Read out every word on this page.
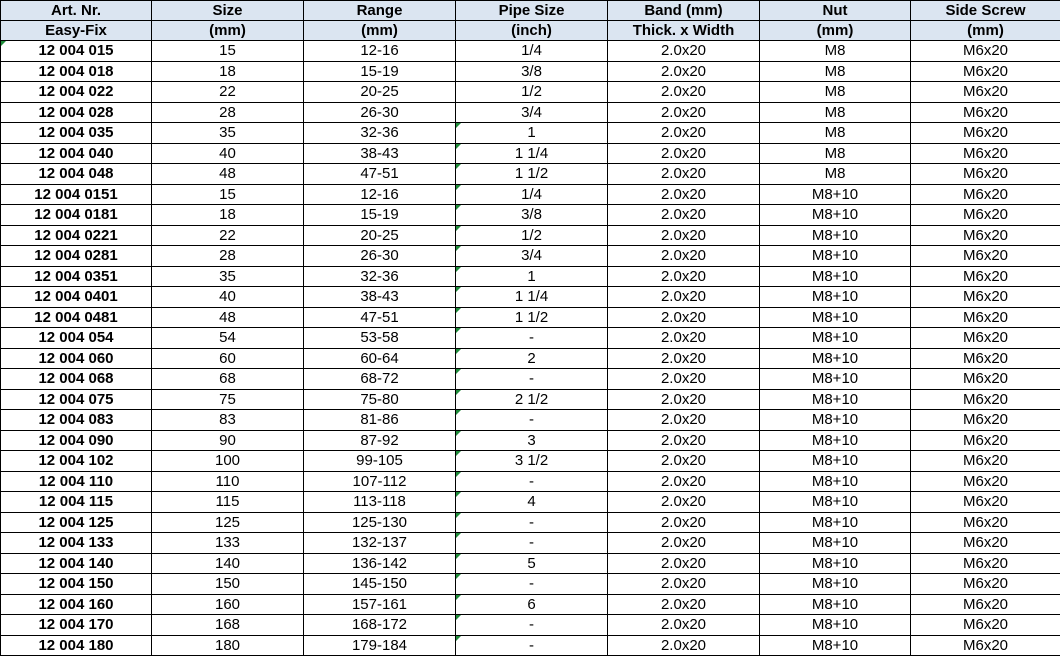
Art. Nr.	Size	Range	Pipe Size	Band (mm)	Nut	Side Screw
Easy-Fix	(mm)	(mm)	(inch)	Thick. x Width	(mm)	(mm)
12 004 015	15	12-16	1/4	2.0x20	M8	M6x20
12 004 018	18	15-19	3/8	2.0x20	M8	M6x20
12 004 022	22	20-25	1/2	2.0x20	M8	M6x20
12 004 028	28	26-30	3/4	2.0x20	M8	M6x20
12 004 035	35	32-36	1	2.0x20	M8	M6x20
12 004 040	40	38-43	1 1/4	2.0x20	M8	M6x20
12 004 048	48	47-51	1 1/2	2.0x20	M8	M6x20
12 004 0151	15	12-16	1/4	2.0x20	M8+10	M6x20
12 004 0181	18	15-19	3/8	2.0x20	M8+10	M6x20
12 004 0221	22	20-25	1/2	2.0x20	M8+10	M6x20
12 004 0281	28	26-30	3/4	2.0x20	M8+10	M6x20
12 004 0351	35	32-36	1	2.0x20	M8+10	M6x20
12 004 0401	40	38-43	1 1/4	2.0x20	M8+10	M6x20
12 004 0481	48	47-51	1 1/2	2.0x20	M8+10	M6x20
12 004 054	54	53-58	-	2.0x20	M8+10	M6x20
12 004 060	60	60-64	2	2.0x20	M8+10	M6x20
12 004 068	68	68-72	-	2.0x20	M8+10	M6x20
12 004 075	75	75-80	2 1/2	2.0x20	M8+10	M6x20
12 004 083	83	81-86	-	2.0x20	M8+10	M6x20
12 004 090	90	87-92	3	2.0x20	M8+10	M6x20
12 004 102	100	99-105	3 1/2	2.0x20	M8+10	M6x20
12 004 110	110	107-112	-	2.0x20	M8+10	M6x20
12 004 115	115	113-118	4	2.0x20	M8+10	M6x20
12 004 125	125	125-130	-	2.0x20	M8+10	M6x20
12 004 133	133	132-137	-	2.0x20	M8+10	M6x20
12 004 140	140	136-142	5	2.0x20	M8+10	M6x20
12 004 150	150	145-150	-	2.0x20	M8+10	M6x20
12 004 160	160	157-161	6	2.0x20	M8+10	M6x20
12 004 170	168	168-172	-	2.0x20	M8+10	M6x20
12 004 180	180	179-184	-	2.0x20	M8+10	M6x20
